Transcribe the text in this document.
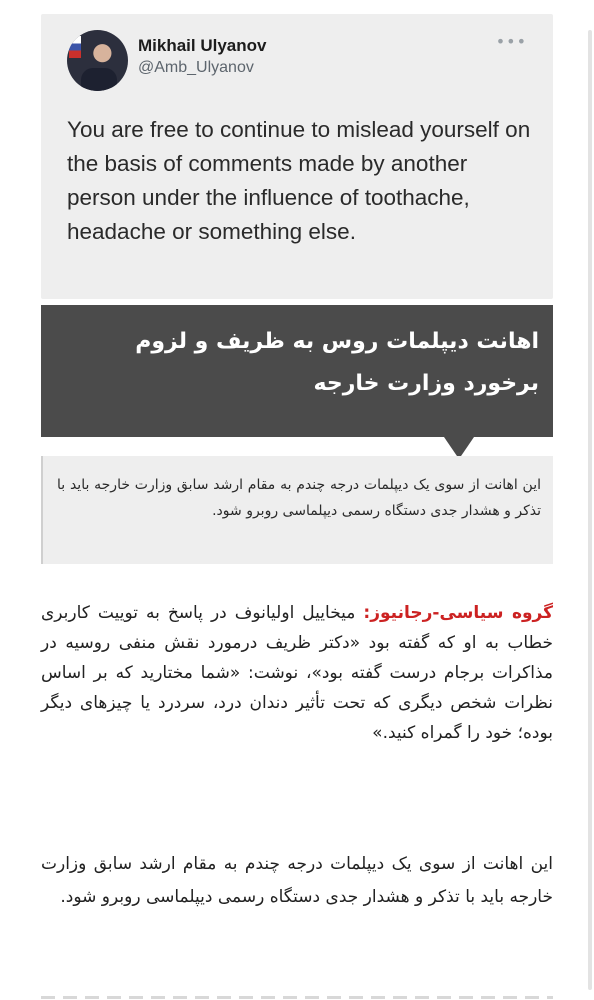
Mikhail Ulyanov
@Amb_Ulyanov
•••
You are free to continue to mislead yourself on the basis of comments made by another person under the influence of toothache, headache or something else.
اهانت دیپلمات روس به ظریف و لزوم برخورد وزارت خارجه
این اهانت از سوی یک دیپلمات درجه چندم به مقام ارشد سابق وزارت خارجه باید با تذکر و هشدار جدی دستگاه رسمی دیپلماسی روبرو شود.
گروه سیاسی-رجانیوز: میخاییل اولیانوف در پاسخ به توییت کاربری خطاب به او که گفته بود «دکتر ظریف درمورد نقش منفی روسیه در مذاکرات برجام درست گفته بود»، نوشت: «شما مختارید که بر اساس نظرات شخص دیگری که تحت تأثیر دندان درد، سردرد یا چیزهای دیگر بوده؛ خود را گمراه کنید.»
این اهانت از سوی یک دیپلمات درجه چندم به مقام ارشد سابق وزارت خارجه باید با تذکر و هشدار جدی دستگاه رسمی دیپلماسی روبرو شود.
